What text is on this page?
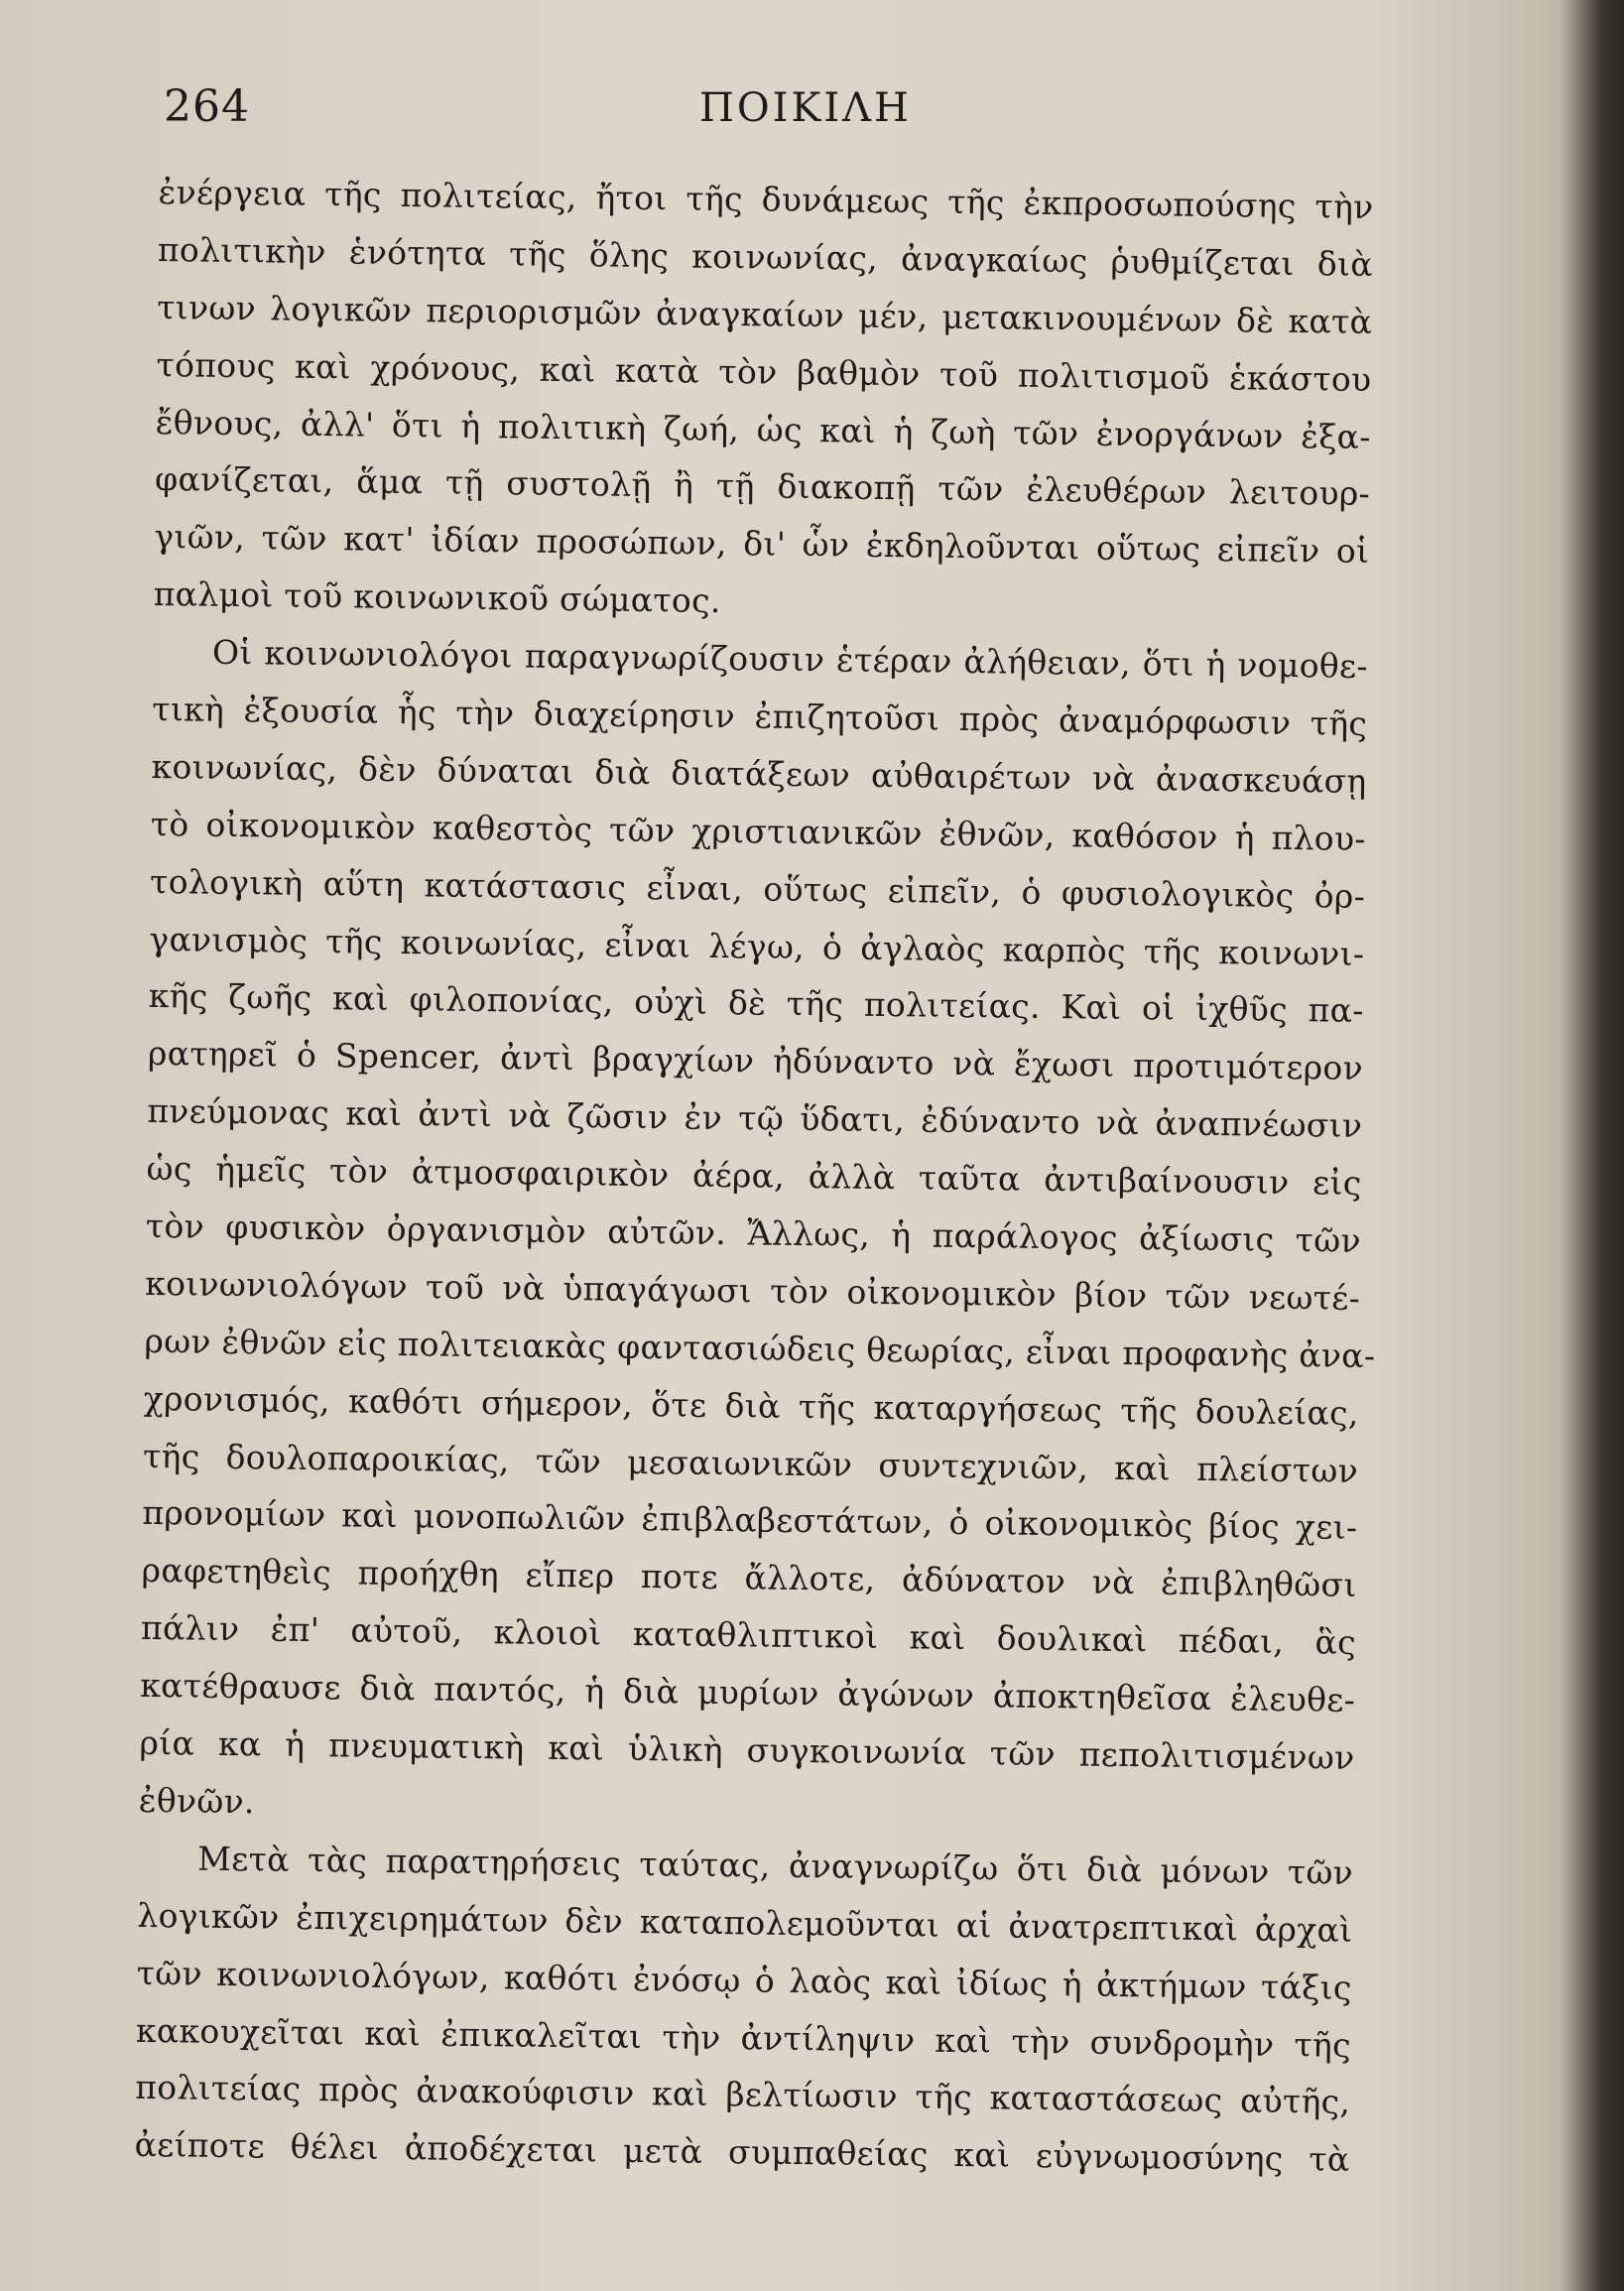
264	ΠΟΙΚΙΛΗ
ἐνέργεια τῆς πολιτείας, ἤτοι τῆς δυνάμεως τῆς ἐκπροσωπούσης τὴν
πολιτικὴν ἑνότητα τῆς ὅλης κοινωνίας, ἀναγκαίως ῥυθμίζεται διὰ
τινων λογικῶν περιορισμῶν ἀναγκαίων μέν, μετακινουμένων δὲ κατὰ
τόπους καὶ χρόνους, καὶ κατὰ τὸν βαθμὸν τοῦ πολιτισμοῦ ἑκάστου
ἔθνους, ἀλλ' ὅτι ἡ πολιτικὴ ζωή, ὡς καὶ ἡ ζωὴ τῶν ἐνοργάνων ἐξα-
φανίζεται, ἅμα τῇ συστολῇ ἢ τῇ διακοπῇ τῶν ἐλευθέρων λειτουρ-
γιῶν, τῶν κατ' ἰδίαν προσώπων, δι' ὧν ἐκδηλοῦνται οὕτως εἰπεῖν οἱ
παλμοὶ τοῦ κοινωνικοῦ σώματος.
Οἱ κοινωνιολόγοι παραγνωρίζουσιν ἑτέραν ἀλήθειαν, ὅτι ἡ νομοθε-
τικὴ ἐξουσία ἧς τὴν διαχείρησιν ἐπιζητοῦσι πρὸς ἀναμόρφωσιν τῆς
κοινωνίας, δὲν δύναται διὰ διατάξεων αὐθαιρέτων νὰ ἀνασκευάσῃ
τὸ οἰκονομικὸν καθεστὸς τῶν χριστιανικῶν ἐθνῶν, καθόσον ἡ πλου-
τολογικὴ αὕτη κατάστασις εἶναι, οὕτως εἰπεῖν, ὁ φυσιολογικὸς ὀρ-
γανισμὸς τῆς κοινωνίας, εἶναι λέγω, ὁ ἀγλαὸς καρπὸς τῆς κοινωνι-
κῆς ζωῆς καὶ φιλοπονίας, οὐχὶ δὲ τῆς πολιτείας. Καὶ οἱ ἰχθῦς πα-
ρατηρεῖ ὁ Spencer, ἀντὶ βραγχίων ἠδύναντο νὰ ἔχωσι προτιμότερον
πνεύμονας καὶ ἀντὶ νὰ ζῶσιν ἐν τῷ ὕδατι, ἐδύναντο νὰ ἀναπνέωσιν
ὡς ἡμεῖς τὸν ἀτμοσφαιρικὸν ἀέρα, ἀλλὰ ταῦτα ἀντιβαίνουσιν εἰς
τὸν φυσικὸν ὀργανισμὸν αὐτῶν. Ἄλλως, ἡ παράλογος ἀξίωσις τῶν
κοινωνιολόγων τοῦ νὰ ὑπαγάγωσι τὸν οἰκονομικὸν βίον τῶν νεωτέ-
ρων ἐθνῶν εἰς πολιτειακὰς φαντασιώδεις θεωρίας, εἶναι προφανὴς ἀνα-
χρονισμός, καθότι σήμερον, ὅτε διὰ τῆς καταργήσεως τῆς δουλείας,
τῆς δουλοπαροικίας, τῶν μεσαιωνικῶν συντεχνιῶν, καὶ πλείστων
προνομίων καὶ μονοπωλιῶν ἐπιβλαβεστάτων, ὁ οἰκονομικὸς βίος χει-
ραφετηθεὶς προήχθη εἴπερ ποτε ἄλλοτε, ἀδύνατον νὰ ἐπιβληθῶσι
πάλιν ἐπ' αὐτοῦ, κλοιοὶ καταθλιπτικοὶ καὶ δουλικαὶ πέδαι, ἃς
κατέθραυσε διὰ παντός, ἡ διὰ μυρίων ἀγώνων ἀποκτηθεῖσα ἐλευθε-
ρία κα ἡ πνευματικὴ καὶ ὑλικὴ συγκοινωνία τῶν πεπολιτισμένων
ἐθνῶν.
Μετὰ τὰς παρατηρήσεις ταύτας, ἀναγνωρίζω ὅτι διὰ μόνων τῶν
λογικῶν ἐπιχειρημάτων δὲν καταπολεμοῦνται αἱ ἀνατρεπτικαὶ ἀρχαὶ
τῶν κοινωνιολόγων, καθότι ἐνόσῳ ὁ λαὸς καὶ ἰδίως ἡ ἀκτήμων τάξις
κακουχεῖται καὶ ἐπικαλεῖται τὴν ἀντίληψιν καὶ τὴν συνδρομὴν τῆς
πολιτείας πρὸς ἀνακούφισιν καὶ βελτίωσιν τῆς καταστάσεως αὐτῆς,
ἀείποτε θέλει ἀποδέχεται μετὰ συμπαθείας καὶ εὐγνωμοσύνης τὰ
